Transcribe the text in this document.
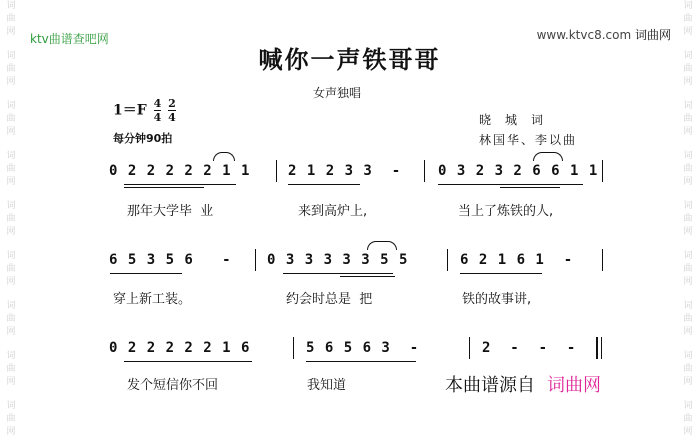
词
曲
网
词
曲
网
词
曲
网
词
曲
网
词
曲
网
词
曲
网
词
曲
网
词
曲
网
词
曲
网
词
曲
网
词
曲
网
词
曲
网
词
曲
网
词
曲
网
词
曲
网
词
曲
网
词
曲
网
词
曲
网
ktv曲谱查吧网	www.ktvc8.com 词曲网
喊你一声铁哥哥
女声独唱
$1=F \frac{4}{4}$
$\frac{2}{4}$
每分钟90拍
晓城词
林国华、李以曲
0 2 2 2 2 2 1 1	2 1 2 3 3  -	0 3 2 3 2 6 6 1 1
那年大学毕  业	来到高炉上,	当上了炼铁的人,
6 5 3 5 6   -	0 3 3 3 3 3 5 5	6 2 1 6 1  -
穿上新工装。	约会时总是  把	铁的故事讲,
0 2 2 2 2 2 1 6	5 6 5 6 3  -	2  -  -  -
发个短信你不回	我知道	本曲谱源自 词曲网
